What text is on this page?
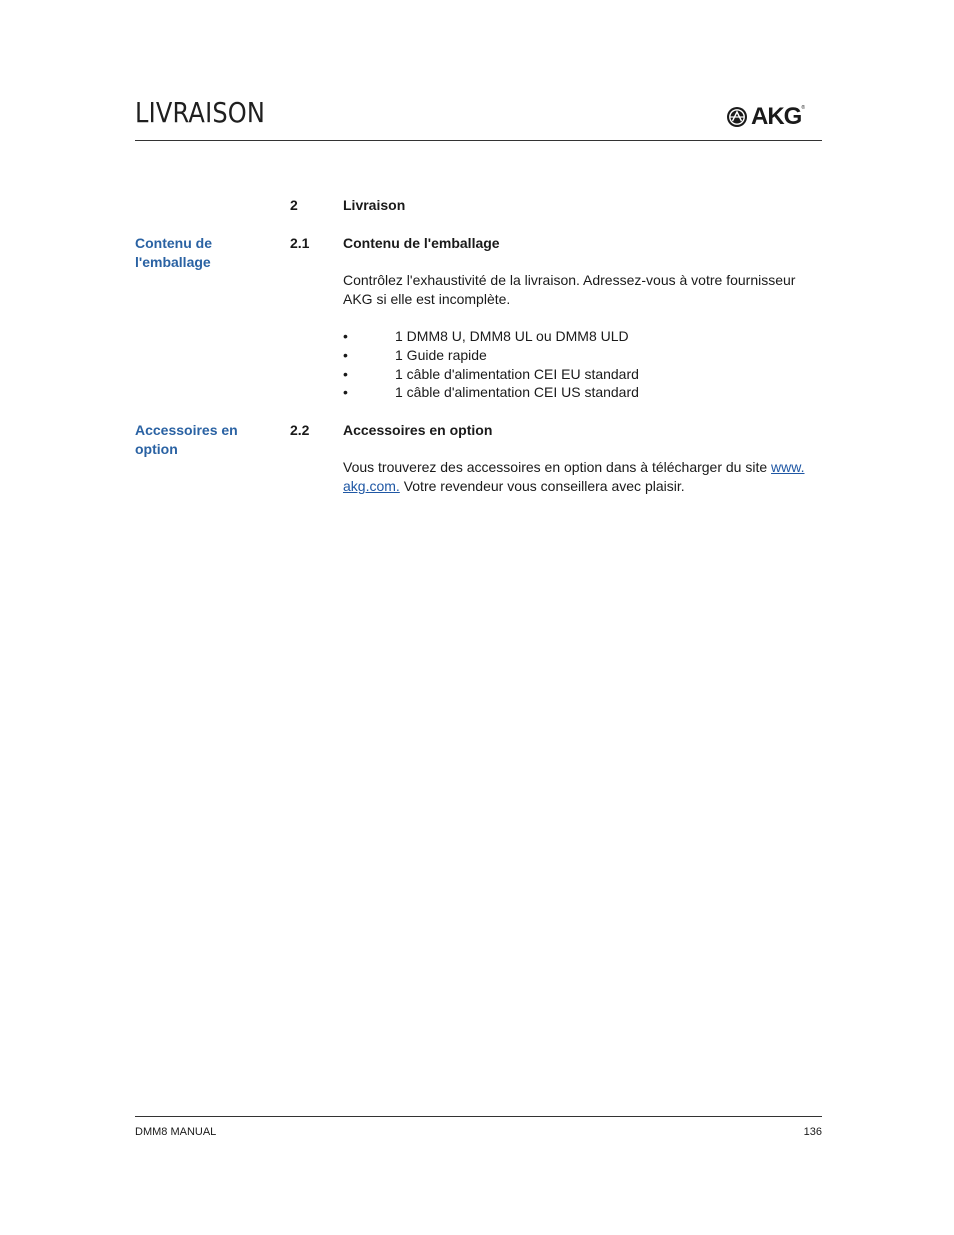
LIVRAISON	AKG ®
2	Livraison
Contenu de
l'emballage
2.1 Contenu de l'emballage
Contrôlez l'exhaustivité de la livraison. Adressez-vous à votre fournisseur
AKG si elle est incomplète.
•	1 DMM8 U, DMM8 UL ou DMM8 ULD
•	1 Guide rapide
•	1 câble d'alimentation CEI EU standard
•	1 câble d'alimentation CEI US standard
Accessoires en
option
2.2 Accessoires en option
Vous trouverez des accessoires en option dans à télécharger du site www.
akg.com. Votre revendeur vous conseillera avec plaisir.
DMM8 MANUAL	136
